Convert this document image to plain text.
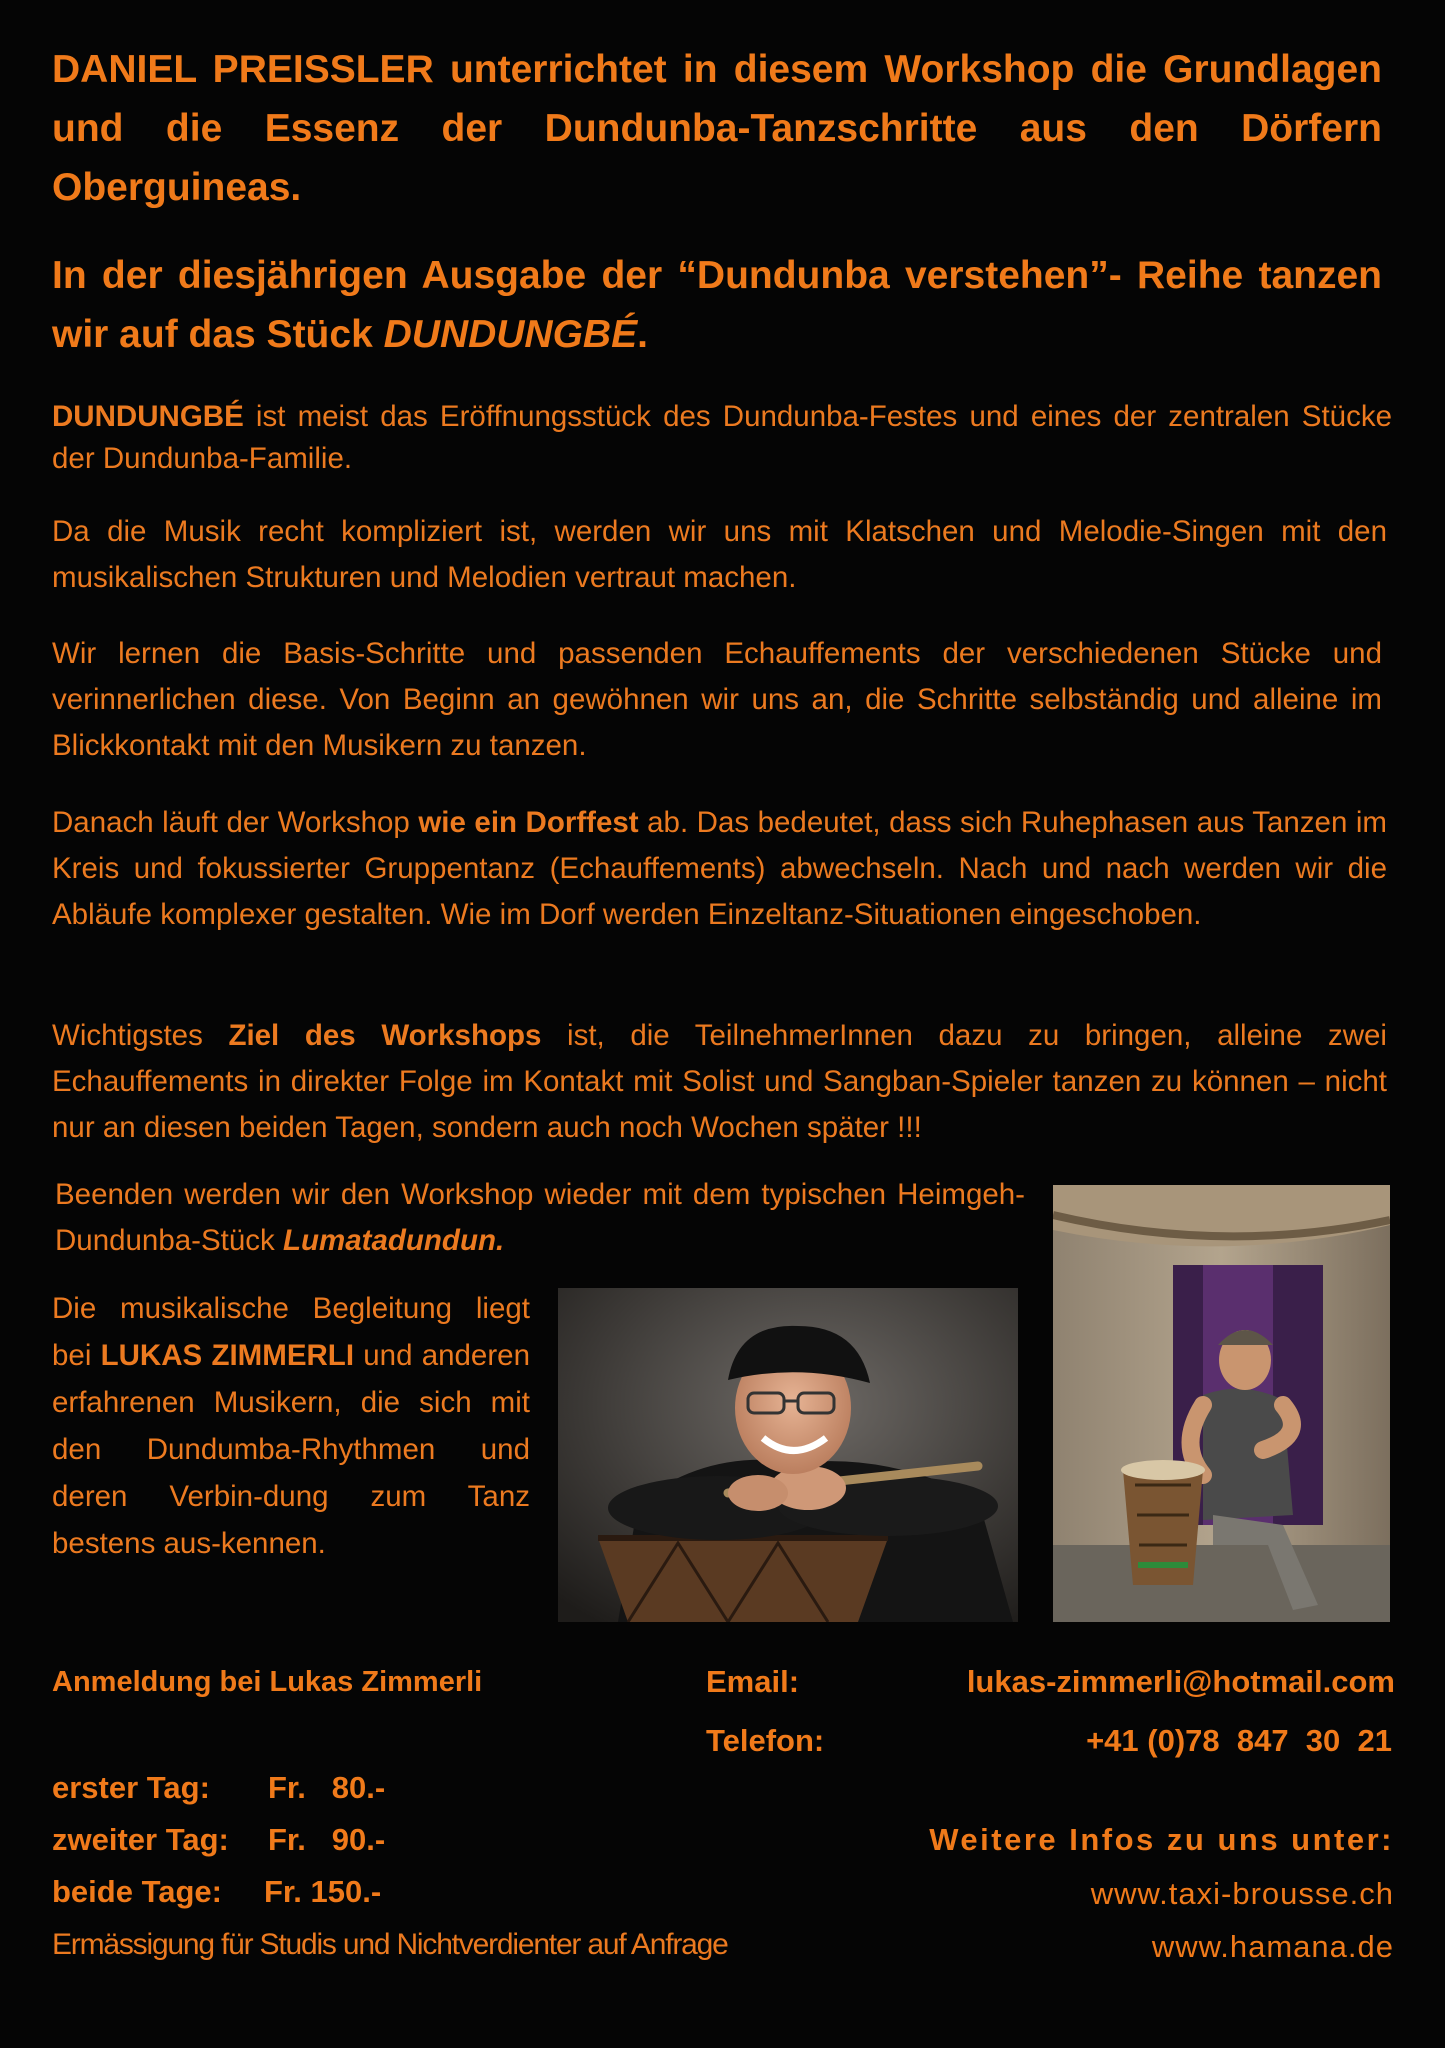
DANIEL PREISSLER unterrichtet in diesem Workshop die Grundlagen und die Essenz der Dundunba-Tanzschritte aus den Dörfern Oberguineas.
In der diesjährigen Ausgabe der “Dundunba verstehen”- Reihe tanzen wir auf das Stück DUNDUNGBÉ.
DUNDUNGBÉ ist meist das Eröffnungsstück des Dundunba-Festes und eines der zentralen Stücke der Dundunba-Familie.
Da die Musik recht kompliziert ist, werden wir uns mit Klatschen und Melodie-Singen mit den musikalischen Strukturen und Melodien vertraut machen.
Wir lernen die Basis-Schritte und passenden Echauffements der verschiedenen Stücke und verinnerlichen diese. Von Beginn an gewöhnen wir uns an, die Schritte selbständig und alleine im Blickkontakt mit den Musikern zu tanzen.
Danach läuft der Workshop wie ein Dorffest ab. Das bedeutet, dass sich Ruhephasen aus Tanzen im Kreis und fokussierter Gruppentanz (Echauffements) abwechseln. Nach und nach werden wir die Abläufe komplexer gestalten. Wie im Dorf werden Einzeltanz-Situationen eingeschoben.
Wichtigstes Ziel des Workshops ist, die TeilnehmerInnen dazu zu bringen, alleine zwei Echauffements in direkter Folge im Kontakt mit Solist und Sangban-Spieler tanzen zu können – nicht nur an diesen beiden Tagen, sondern auch noch Wochen später !!!
Beenden werden wir den Workshop wieder mit dem typischen Heimgeh-Dundunba-Stück Lumatadundun.
Die musikalische Begleitung liegt bei LUKAS ZIMMERLI und anderen erfahrenen Musikern, die sich mit den Dundumba-Rhythmen und deren Verbin-dung zum Tanz bestens aus-kennen.
Anmeldung bei Lukas Zimmerli	Email:	lukas-zimmerli@hotmail.com
Telefon:	+41 (0)78  847  30  21
erster Tag: Fr.   80.-
zweiter Tag: Fr.   90.-
beide Tage: Fr. 150.-
Ermässigung für Studis und Nichtverdienter auf Anfrage
Weitere Infos zu uns unter:
www.taxi-brousse.ch
www.hamana.de
